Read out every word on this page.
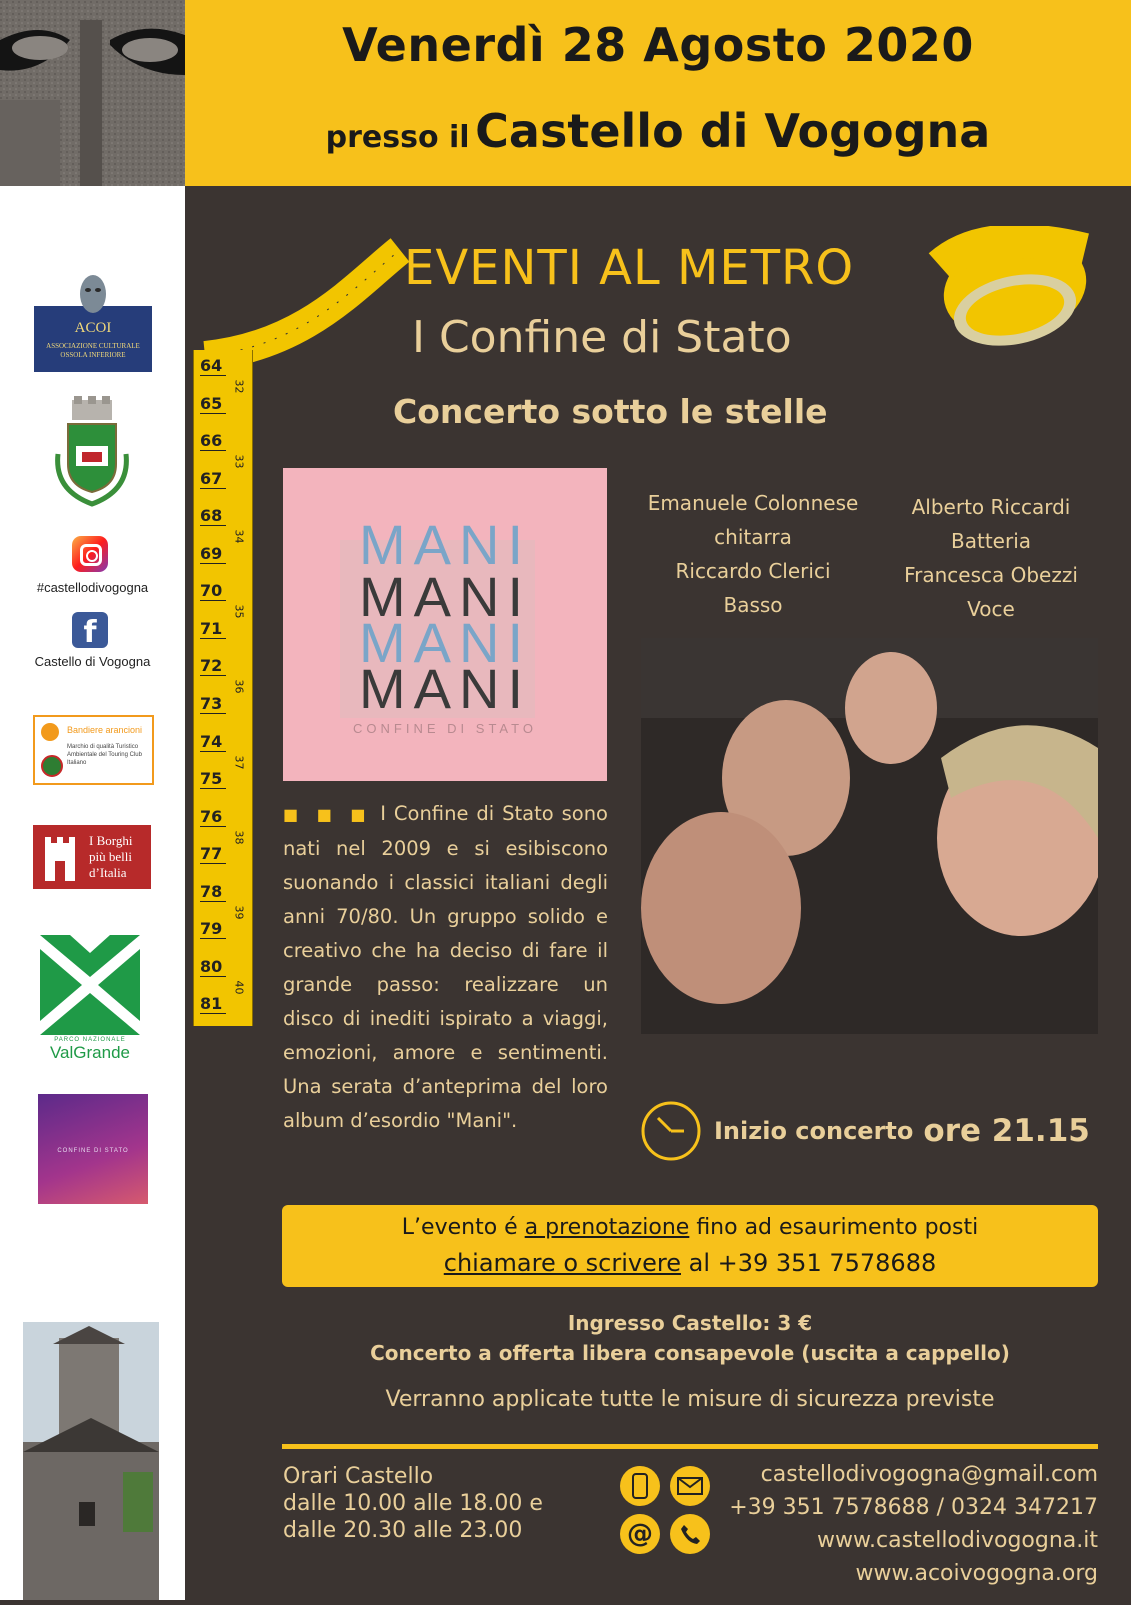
Venerdì 28 Agosto 2020
presso il Castello di Vogogna
ACOI
ASSOCIAZIONE CULTURALE OSSOLA INFERIORE
#castellodivogogna
f
Castello di Vogogna
Bandiere arancioni
Marchio di qualità Turistico Ambientale del Touring Club Italiano
I Borghi più belli d’Italia
PARCO NAZIONALE
ValGrande
CONFINE DI STATO
64
65
66
67
68
69
70
71
72
73
74
75
76
77
78
79
80
81
32
33
34
35
36
37
38
39
40
EVENTI AL METRO
I Confine di Stato
Concerto sotto le stelle
MANI
MANI
MANI
MANI
CONFINE DI STATO
Emanuele Colonnese
chitarra
Riccardo Clerici
Basso
Alberto Riccardi
Batteria
Francesca Obezzi
Voce
■ ■ ■ I Confine di Stato sono nati nel 2009 e si esibiscono suonando i classici italiani degli anni 70/80. Un gruppo solido e creativo che ha deciso di fare il grande passo: realizzare un disco di inediti ispirato a viaggi, emozioni, amore e sentimenti. Una serata d’anteprima del loro album d’esordio "Mani".	Inizio concerto ore 21.15
L’evento é a prenotazione fino ad esaurimento posti
chiamare o scrivere al +39 351 7578688
Ingresso Castello: 3 €
Concerto a offerta libera consapevole (uscita a cappello)
Verranno applicate tutte le misure di sicurezza previste
Orari Castello
dalle 10.00 alle 18.00 e
dalle 20.30 alle 23.00	@
castellodivogogna@gmail.com
+39 351 7578688 / 0324 347217
www.castellodivogogna.it
www.acoivogogna.org
